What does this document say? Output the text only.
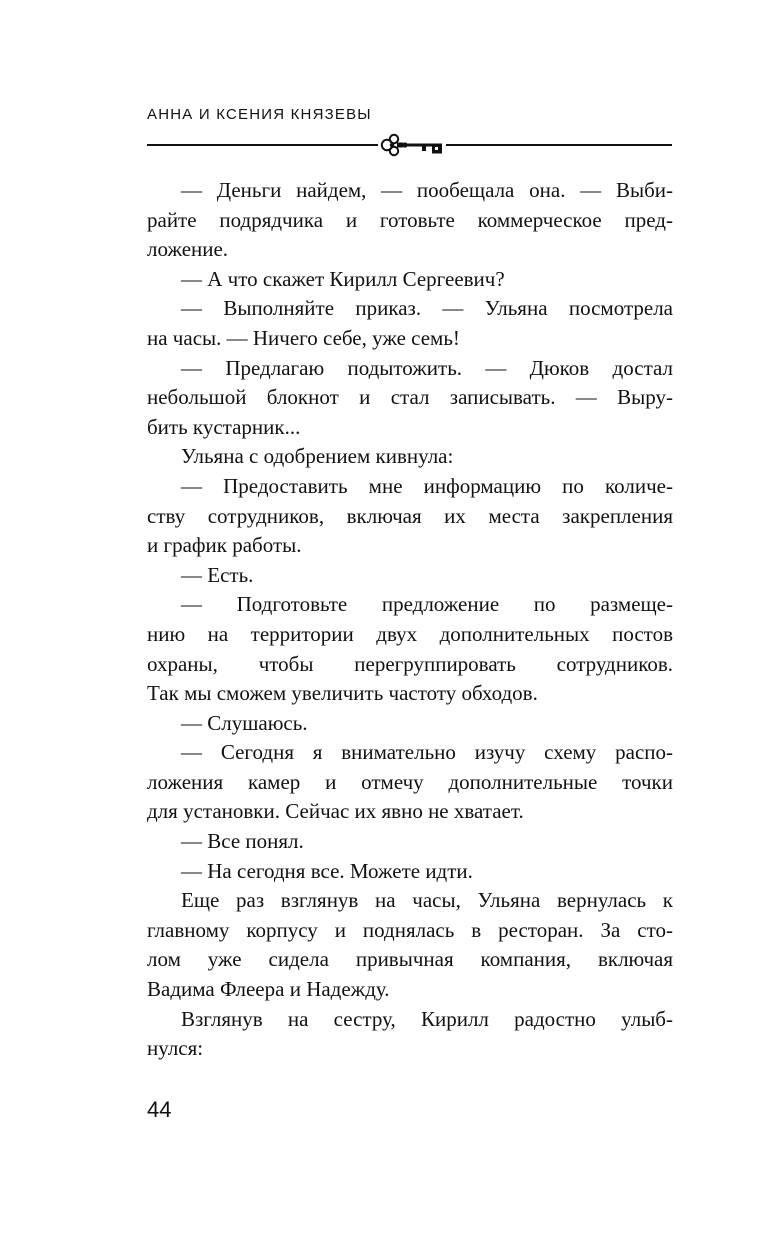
АННА И КСЕНИЯ КНЯЗЕВЫ
— Деньги найдем, — пообещала она. — Выби-
райте подрядчика и готовьте коммерческое пред-
ложение.
— А что скажет Кирилл Сергеевич?
— Выполняйте приказ. — Ульяна посмотрела
на часы. — Ничего себе, уже семь!
— Предлагаю подытожить. — Дюков достал
небольшой блокнот и стал записывать. — Выру-
бить кустарник...
Ульяна с одобрением кивнула:
— Предоставить мне информацию по количе-
ству сотрудников, включая их места закрепления
и график работы.
— Есть.
— Подготовьте предложение по размеще-
нию на территории двух дополнительных постов
охраны, чтобы перегруппировать сотрудников.
Так мы сможем увеличить частоту обходов.
— Слушаюсь.
— Сегодня я внимательно изучу схему распо-
ложения камер и отмечу дополнительные точки
для установки. Сейчас их явно не хватает.
— Все понял.
— На сегодня все. Можете идти.
Еще раз взглянув на часы, Ульяна вернулась к
главному корпусу и поднялась в ресторан. За сто-
лом уже сидела привычная компания, включая
Вадима Флеера и Надежду.
Взглянув на сестру, Кирилл радостно улыб-
нулся:
44
